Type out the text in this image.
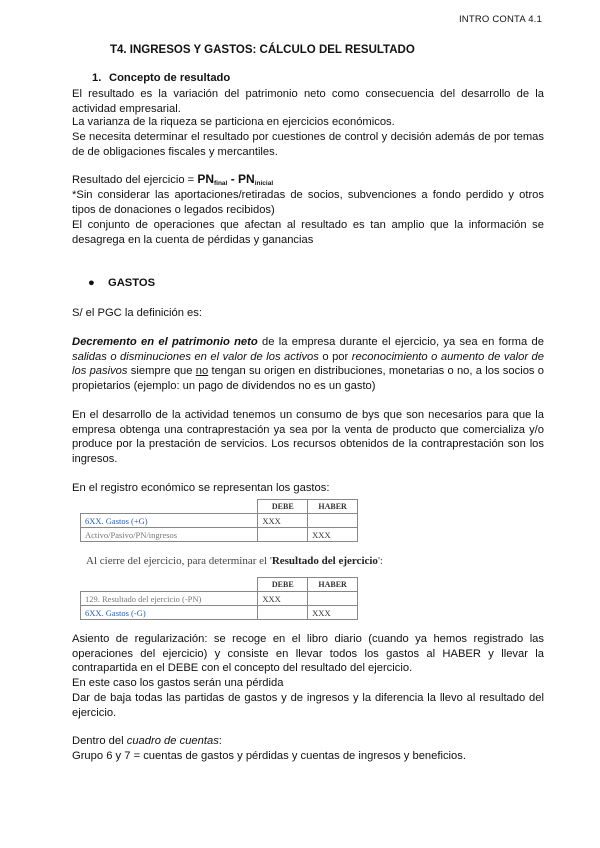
INTRO CONTA 4.1
T4. INGRESOS Y GASTOS: CÁLCULO DEL RESULTADO
1. Concepto de resultado
El resultado es la variación del patrimonio neto como consecuencia del desarrollo de la
actividad empresarial.
La varianza de la riqueza se particiona en ejercicios económicos.
Se necesita determinar el resultado por cuestiones de control y decisión además de por temas
de de obligaciones fiscales y mercantiles.
Resultado del ejercicio = $PN_{final} - PN_{inicial}$
*Sin considerar las aportaciones/retiradas de socios, subvenciones a fondo perdido y otros
tipos de donaciones o legados recibidos)
El conjunto de operaciones que afectan al resultado es tan amplio que la información se
desagrega en la cuenta de pérdidas y ganancias
● GASTOS
S/ el PGC la definición es:
Decremento en el patrimonio neto de la empresa durante el ejercicio, ya sea en forma de
salidas o disminuciones en el valor de los activos o por reconocimiento o aumento de valor de
los pasivos siempre que no tengan su origen en distribuciones, monetarias o no, a los socios o
propietarios (ejemplo: un pago de dividendos no es un gasto)
En el desarrollo de la actividad tenemos un consumo de bys que son necesarios para que la
empresa obtenga una contraprestación ya sea por la venta de producto que comercializa y/o
produce por la prestación de servicios. Los recursos obtenidos de la contraprestación son los
ingresos.
En el registro económico se representan los gastos:
	DEBE	HABER
6XX. Gastos (+G)	XXX	
Activo/Pasivo/PN/ingresos		XXX
Al cierre del ejercicio, para determinar el 'Resultado del ejercicio':
	DEBE	HABER
129. Resultado del ejercicio (-PN)	XXX	
6XX. Gastos (-G)		XXX
Asiento de regularización: se recoge en el libro diario (cuando ya hemos registrado las
operaciones del ejercicio) y consiste en llevar todos los gastos al HABER y llevar la
contrapartida en el DEBE con el concepto del resultado del ejercicio.
En este caso los gastos serán una pérdida
Dar de baja todas las partidas de gastos y de ingresos y la diferencia la llevo al resultado del
ejercicio.
Dentro del cuadro de cuentas:
Grupo 6 y 7 = cuentas de gastos y pérdidas y cuentas de ingresos y beneficios.
